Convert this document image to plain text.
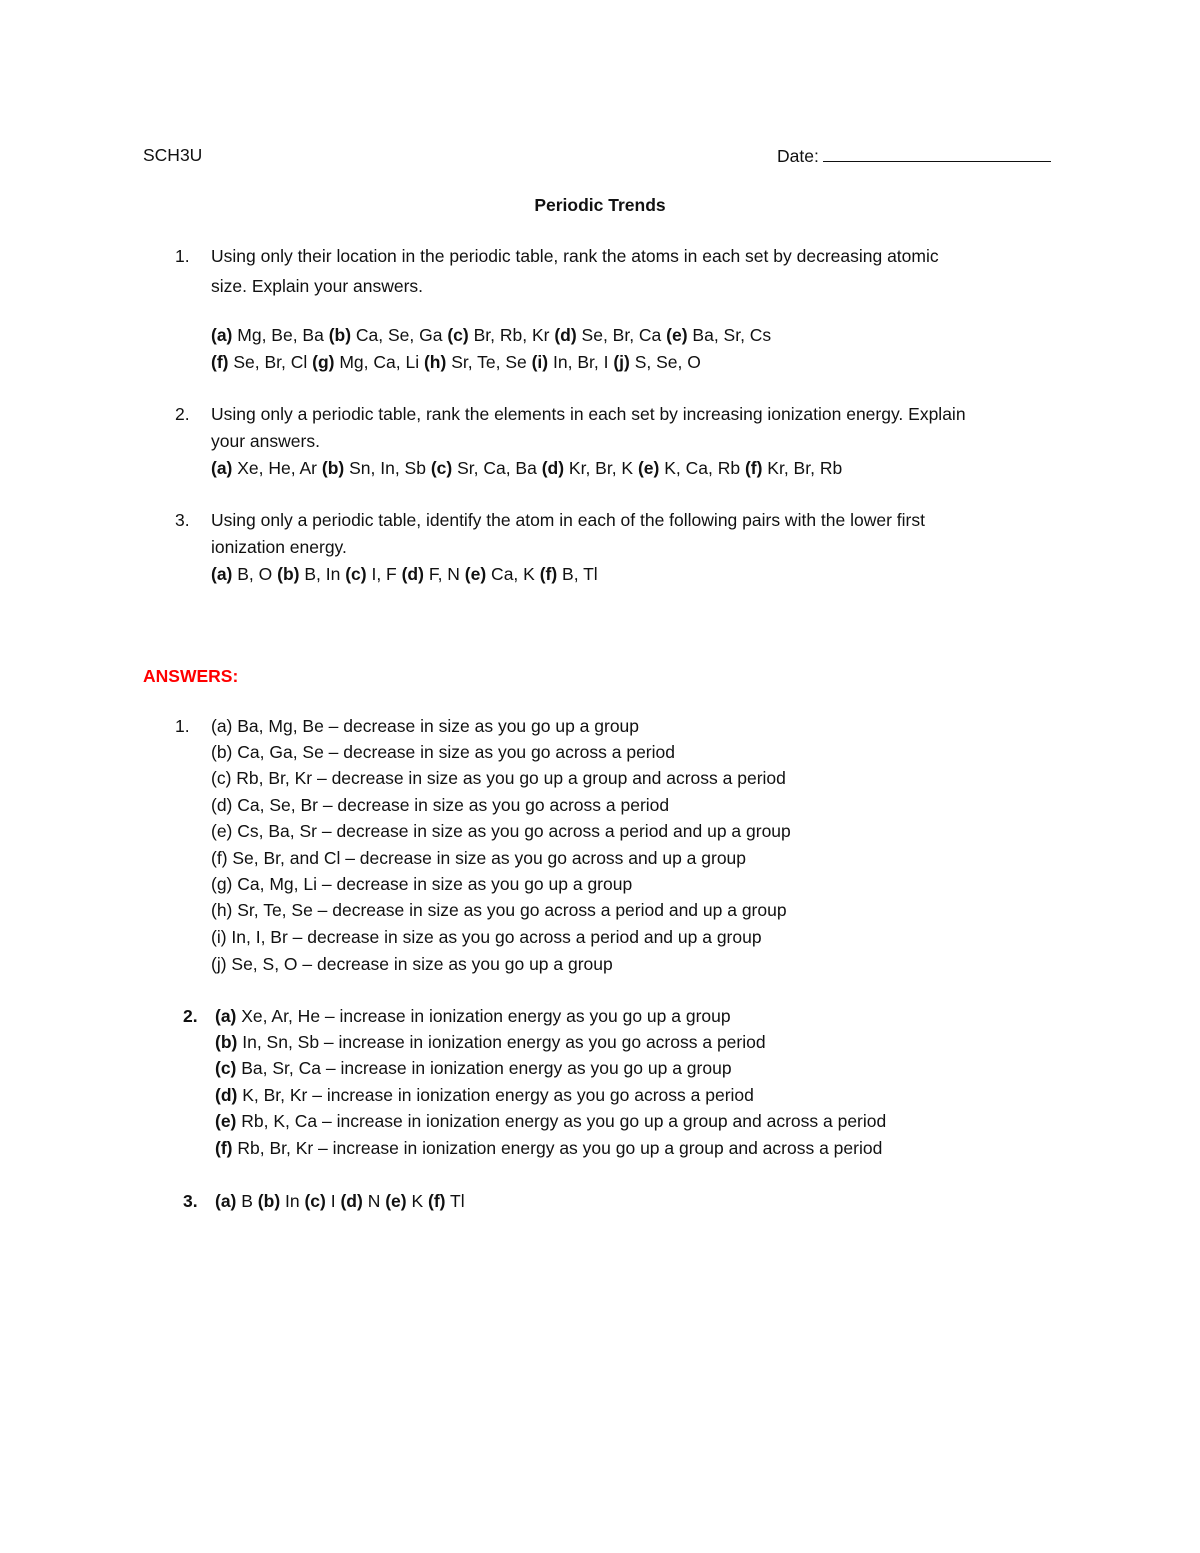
SCH3U	Date:
Periodic Trends
1. Using only their location in the periodic table, rank the atoms in each set by decreasing atomic
size. Explain your answers.
(a) Mg, Be, Ba (b) Ca, Se, Ga (c) Br, Rb, Kr (d) Se, Br, Ca (e) Ba, Sr, Cs
(f) Se, Br, Cl (g) Mg, Ca, Li (h) Sr, Te, Se (i) In, Br, I (j) S, Se, O
2. Using only a periodic table, rank the elements in each set by increasing ionization energy. Explain
your answers.
(a) Xe, He, Ar (b) Sn, In, Sb (c) Sr, Ca, Ba (d) Kr, Br, K (e) K, Ca, Rb (f) Kr, Br, Rb
3. Using only a periodic table, identify the atom in each of the following pairs with the lower first
ionization energy.
(a) B, O (b) B, In (c) I, F (d) F, N (e) Ca, K (f) B, Tl
ANSWERS:
1. (a) Ba, Mg, Be – decrease in size as you go up a group
(b) Ca, Ga, Se – decrease in size as you go across a period
(c) Rb, Br, Kr – decrease in size as you go up a group and across a period
(d) Ca, Se, Br – decrease in size as you go across a period
(e) Cs, Ba, Sr – decrease in size as you go across a period and up a group
(f) Se, Br, and Cl – decrease in size as you go across and up a group
(g) Ca, Mg, Li – decrease in size as you go up a group
(h) Sr, Te, Se – decrease in size as you go across a period and up a group
(i) In, I, Br – decrease in size as you go across a period and up a group
(j) Se, S, O – decrease in size as you go up a group
2. (a) Xe, Ar, He – increase in ionization energy as you go up a group
(b) In, Sn, Sb – increase in ionization energy as you go across a period
(c) Ba, Sr, Ca – increase in ionization energy as you go up a group
(d) K, Br, Kr – increase in ionization energy as you go across a period
(e) Rb, K, Ca – increase in ionization energy as you go up a group and across a period
(f) Rb, Br, Kr – increase in ionization energy as you go up a group and across a period
3. (a) B (b) In (c) I (d) N (e) K (f) Tl
